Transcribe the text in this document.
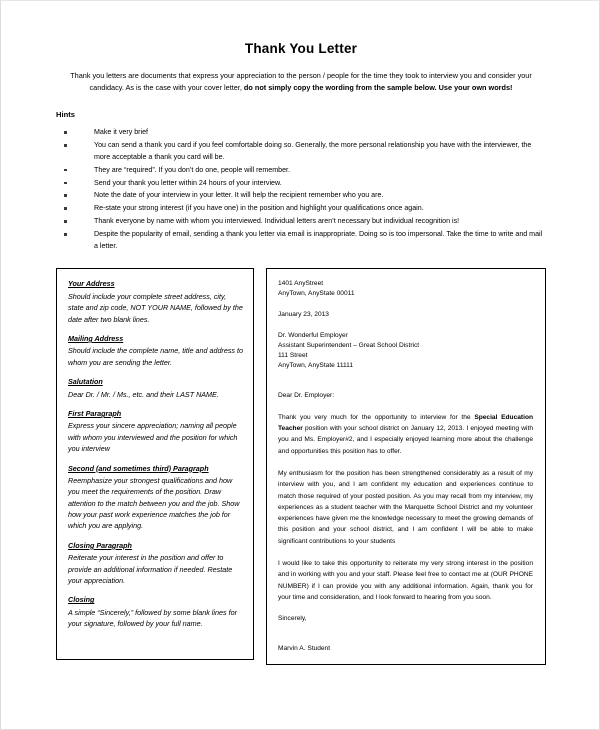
Thank You Letter

Thank you letters are documents that express your appreciation to the person / people for the time they took to interview you and consider your candidacy. As is the case with your cover letter, do not simply copy the wording from the sample below. Use your own words!

Hints
Make it very brief
You can send a thank you card if you feel comfortable doing so. Generally, the more personal relationship you have with the interviewer, the more acceptable a thank you card will be.
They are “required”. If you don’t do one, people will remember.
Send your thank you letter within 24 hours of your interview.
Note the date of your interview in your letter. It will help the recipient remember who you are.
Re-state your strong interest (if you have one) in the position and highlight your qualifications once again.
Thank everyone by name with whom you interviewed. Individual letters aren’t necessary but individual recognition is!
Despite the popularity of email, sending a thank you letter via email is inappropriate. Doing so is too impersonal. Take the time to write and mail a letter.
Your Address
Should include your complete street address, city, state and zip code, NOT YOUR NAME, followed by the date after two blank lines.
Mailing Address
Should include the complete name, title and address to whom you are sending the letter.
Salutation
Dear Dr. / Mr. / Ms., etc. and their LAST NAME.
First Paragraph
Express your sincere appreciation; naming all people with whom you interviewed and the position for which you interview
Second (and sometimes third) Paragraph
Reemphasize your strongest qualifications and how you meet the requirements of the position. Draw attention to the match between you and the job. Show how your past work experience matches the job for which you are applying.
Closing Paragraph
Reiterate your interest in the position and offer to provide an additional information if needed. Restate your appreciation.
Closing
A simple “Sincerely,” followed by some blank lines for your signature, followed by your full name.

1401 AnyStreet

AnyTown, AnyState 00011

January 23, 2013

Dr. Wonderful Employer

Assistant Superintendent – Great School District

111 Street

AnyTown, AnyState 11111

Dear Dr. Employer:

Thank you very much for the opportunity to interview for the Special Education Teacher position with your school district on January 12, 2013. I enjoyed meeting with you and Ms. Employer#2, and I especially enjoyed learning more about the challenge and opportunities this position has to offer.

My enthusiasm for the position has been strengthened considerably as a result of my interview with you, and I am confident my education and experiences continue to match those required of your posted position. As you may recall from my interview, my experiences as a student teacher with the Marquette School District and my volunteer experiences have given me the knowledge necessary to meet the growing demands of this position and your school district, and I am confident I will be able to make significant contributions to your students

I would like to take this opportunity to reiterate my very strong interest in the position and in working with you and your staff. Please feel free to contact me at (OUR PHONE NUMBER) if I can provide you with any additional information. Again, thank you for your time and consideration, and I look forward to hearing from you soon.

Sincerely,

Marvin A. Student
